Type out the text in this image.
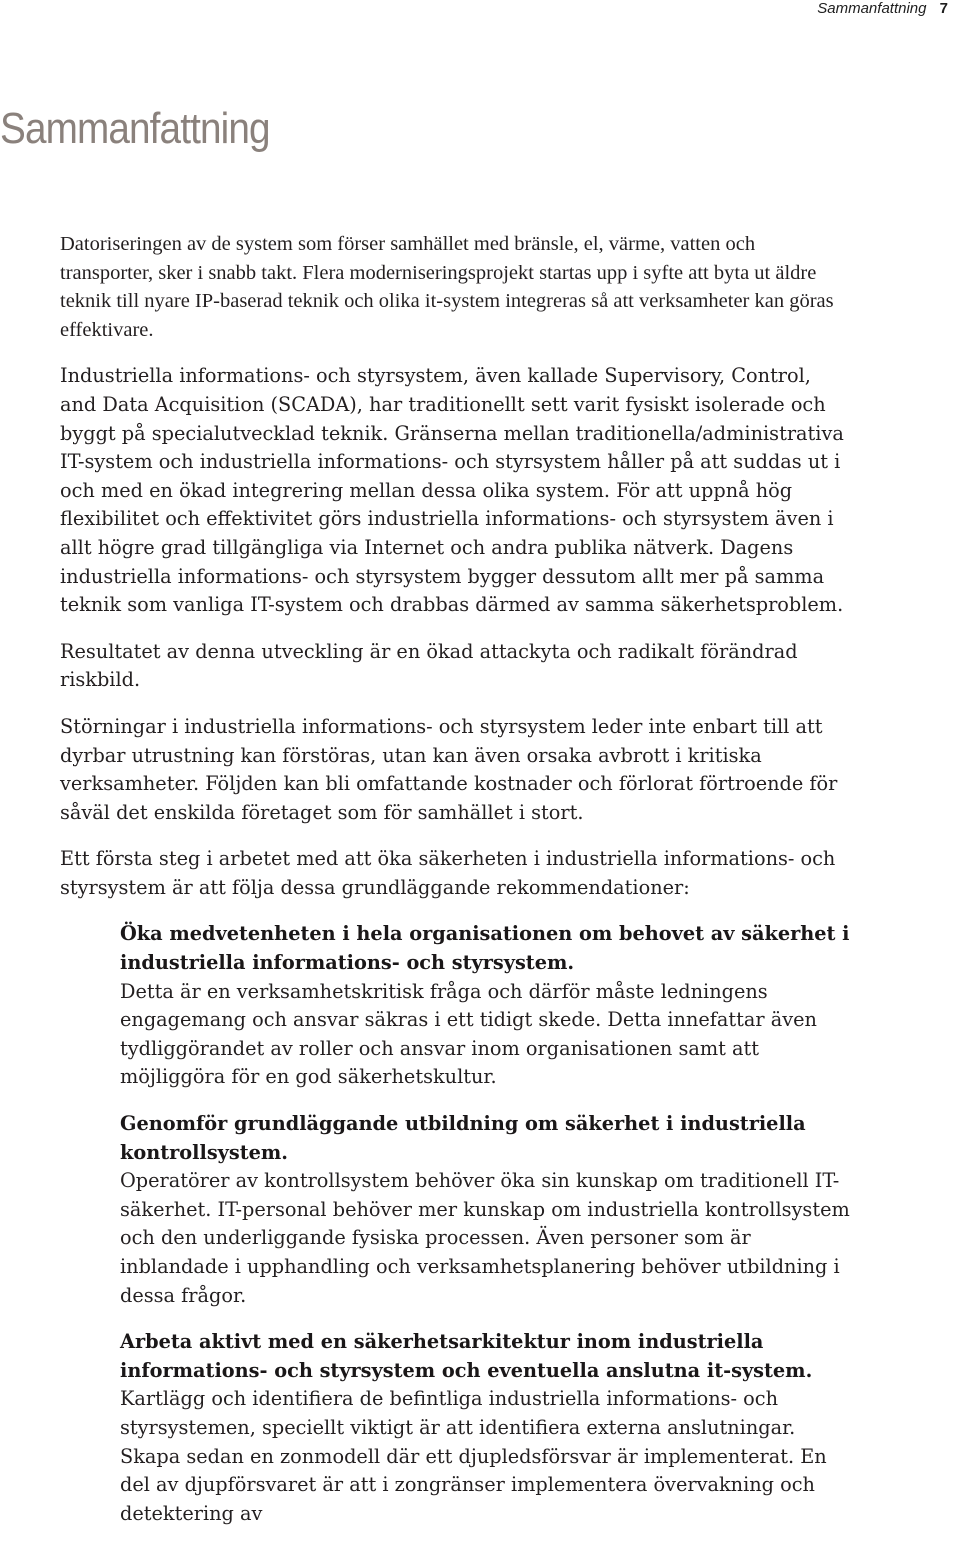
Sammanfattning 7
Sammanfattning

Datoriseringen av de system som förser samhället med bränsle, el, värme, vatten och transporter, sker i snabb takt. Flera moderniseringsprojekt startas upp i syfte att byta ut äldre teknik till nyare IP-baserad teknik och olika it-system integreras så att verksamheter kan göras effektivare.

Industriella informations- och styrsystem, även kallade Supervisory, Control, and Data Acquisition (SCADA), har traditionellt sett varit fysiskt isolerade och byggt på specialutvecklad teknik. Gränserna mellan traditionella/administrativa IT-system och industriella informations- och styrsystem håller på att suddas ut i och med en ökad integrering mellan dessa olika system. För att uppnå hög flexibilitet och effektivitet görs industriella informations- och styrsystem även i allt högre grad tillgängliga via Internet och andra publika nätverk. Dagens industriella informations- och styrsystem bygger dessutom allt mer på samma teknik som vanliga IT-system och drabbas därmed av samma säkerhetsproblem.

Resultatet av denna utveckling är en ökad attackyta och radikalt förändrad riskbild.

Störningar i industriella informations- och styrsystem leder inte enbart till att dyrbar utrustning kan förstöras, utan kan även orsaka avbrott i kritiska verksamheter. Följden kan bli omfattande kostnader och förlorat förtroende för såväl det enskilda företaget som för samhället i stort.

Ett första steg i arbetet med att öka säkerheten i industriella informations- och styrsystem är att följa dessa grundläggande rekommendationer:

Öka medvetenheten i hela organisationen om behovet av säkerhet i industriella informations- och styrsystem.
Detta är en verksamhetskritisk fråga och därför måste ledningens engagemang och ansvar säkras i ett tidigt skede. Detta innefattar även tydliggörandet av roller och ansvar inom organisationen samt att möjliggöra för en god säkerhetskultur.
Genomför grundläggande utbildning om säkerhet i industriella kontrollsystem.
Operatörer av kontrollsystem behöver öka sin kunskap om traditionell IT-säkerhet. IT-personal behöver mer kunskap om industriella kontrollsystem och den underliggande fysiska processen. Även personer som är inblandade i upphandling och verksamhetsplanering behöver utbildning i dessa frågor.
Arbeta aktivt med en säkerhetsarkitektur inom industriella informations- och styrsystem och eventuella anslutna it-system.
Kartlägg och identifiera de befintliga industriella informations- och styrsystemen, speciellt viktigt är att identifiera externa anslutningar. Skapa sedan en zonmodell där ett djupledsförsvar är implementerat. En del av djupförsvaret är att i zongränser implementera övervakning och detektering av
